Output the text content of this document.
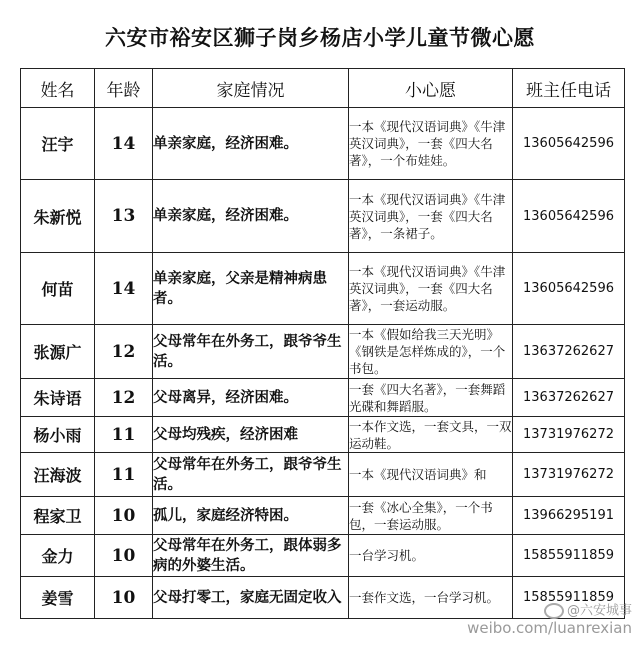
六安市裕安区狮子岗乡杨店小学儿童节微心愿
姓名	年龄	家庭情况	小心愿	班主任电话
汪宇	14	单亲家庭，经济困难。	一本《现代汉语词典》《牛津英汉词典》，一套《四大名著》，一个布娃娃。	13605642596
朱新悦	13	单亲家庭，经济困难。	一本《现代汉语词典》《牛津英汉词典》，一套《四大名著》，一条裙子。	13605642596
何苗	14	单亲家庭，父亲是精神病患者。	一本《现代汉语词典》《牛津英汉词典》，一套《四大名著》，一套运动服。	13605642596
张源广	12	父母常年在外务工，跟爷爷生活。	一本《假如给我三天光明》《钢铁是怎样炼成的》，一个书包。	13637262627
朱诗语	12	父母离异，经济困难。	一套《四大名著》，一套舞蹈光碟和舞蹈服。	13637262627
杨小雨	11	父母均残疾，经济困难	一本作文选，一套文具，一双运动鞋。	13731976272
汪海波	11	父母常年在外务工，跟爷爷生活。	一本《现代汉语词典》和	13731976272
程家卫	10	孤儿，家庭经济特困。	一套《冰心全集》，一个书包，一套运动服。	13966295191
金力	10	父母常年在外务工，跟体弱多病的外婆生活。	一台学习机。	15855911859
姜雪	10	父母打零工，家庭无固定收入	一套作文选，一台学习机。	15855911859
@六安城事
weibo.com/luanrexian
